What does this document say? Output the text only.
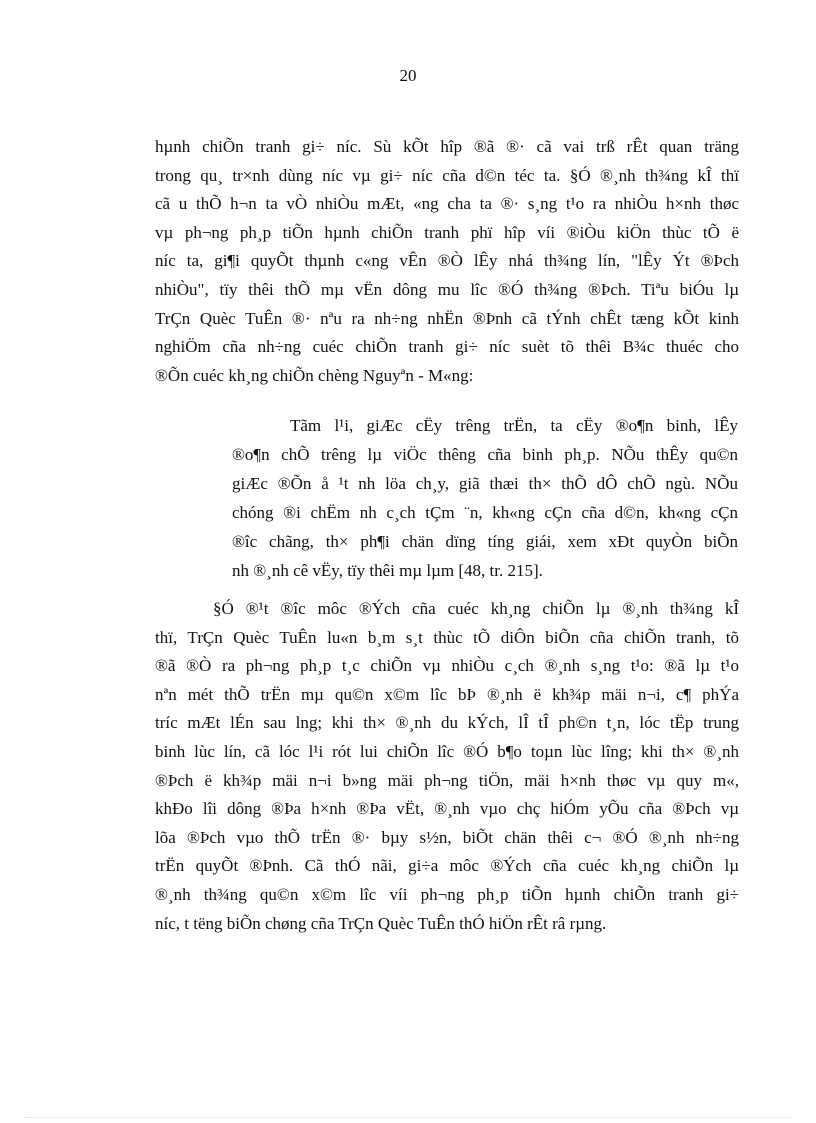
20
hµnh chiÕn tranh gi÷ níc. Sù kÕt hîp ®ã ®· cã vai trß rÊt quan träng
trong qu¸ tr×nh dùng níc vµ gi÷ níc cña d©n téc ta. §Ó ®¸nh th¾ng kÎ thï
cã u thÕ h¬n ta vÒ nhiÒu mÆt, «ng cha ta ®· s¸ng t¹o ra nhiÒu h×nh thøc
vµ ph¬ng ph¸p tiÕn hµnh chiÕn tranh phï hîp víi ®iÒu kiÖn thùc tÕ ë
níc ta, gi¶i quyÕt thµnh c«ng vÊn ®Ò lÊy nhá th¾ng lín, "lÊy Ýt ®Þch
nhiÒu", tïy thêi thÕ mµ vËn dông mu lîc ®Ó th¾ng ®Þch. Tiªu biÓu lµ
TrÇn Quèc TuÊn ®· nªu ra nh÷ng nhËn ®Þnh cã tÝnh chÊt tæng kÕt kinh
nghiÖm cña nh÷ng cuéc chiÕn tranh gi÷ níc suèt tõ thêi B¾c thuéc cho
®Õn cuéc kh¸ng chiÕn chèng Nguyªn - M«ng:
Tãm l¹i, giÆc cËy trêng trËn, ta cËy ®o¶n binh, lÊy
®o¶n chÕ trêng lµ viÖc thêng cña binh ph¸p. NÕu thÊy qu©n
giÆc ®Õn å ¹t nh löa ch¸y, giã thæi th× thÕ dÔ chÕ ngù. NÕu
chóng ®i chËm nh c¸ch tÇm ¨n, kh«ng cÇn cña d©n, kh«ng cÇn
®îc chãng, th× ph¶i chän dïng tíng giái, xem xÐt quyÒn biÕn
nh ®¸nh cê vËy, tïy thêi mµ lµm [48, tr. 215].
§Ó ®¹t ®îc môc ®Ých cña cuéc kh¸ng chiÕn lµ ®¸nh th¾ng kÎ
thï, TrÇn Quèc TuÊn lu«n b¸m s¸t thùc tÕ diÔn biÕn cña chiÕn tranh, tõ
®ã ®Ò ra ph¬ng ph¸p t¸c chiÕn vµ nhiÒu c¸ch ®¸nh s¸ng t¹o: ®ã lµ t¹o
nªn mét thÕ trËn mµ qu©n x©m lîc bÞ ®¸nh ë kh¾p mäi n¬i, c¶ phÝa
tríc mÆt lÉn sau lng; khi th× ®¸nh du kÝch, lÎ tÎ ph©n t¸n, lóc tËp trung
binh lùc lín, cã lóc l¹i rót lui chiÕn lîc ®Ó b¶o toµn lùc lîng; khi th× ®¸nh
®Þch ë kh¾p mäi n¬i b»ng mäi ph¬ng tiÖn, mäi h×nh thøc vµ quy m«,
khÐo lîi dông ®Þa h×nh ®Þa vËt, ®¸nh vµo chç hiÓm yÕu cña ®Þch vµ
lõa ®Þch vµo thÕ trËn ®· bµy s½n, biÕt chän thêi c¬ ®Ó ®¸nh nh÷ng
trËn quyÕt ®Þnh. Cã thÓ nãi, gi÷a môc ®Ých cña cuéc kh¸ng chiÕn lµ
®¸nh th¾ng qu©n x©m lîc víi ph¬ng ph¸p tiÕn hµnh chiÕn tranh gi÷
níc, t tëng biÕn chøng cña TrÇn Quèc TuÊn thÓ hiÖn rÊt râ rµng.
